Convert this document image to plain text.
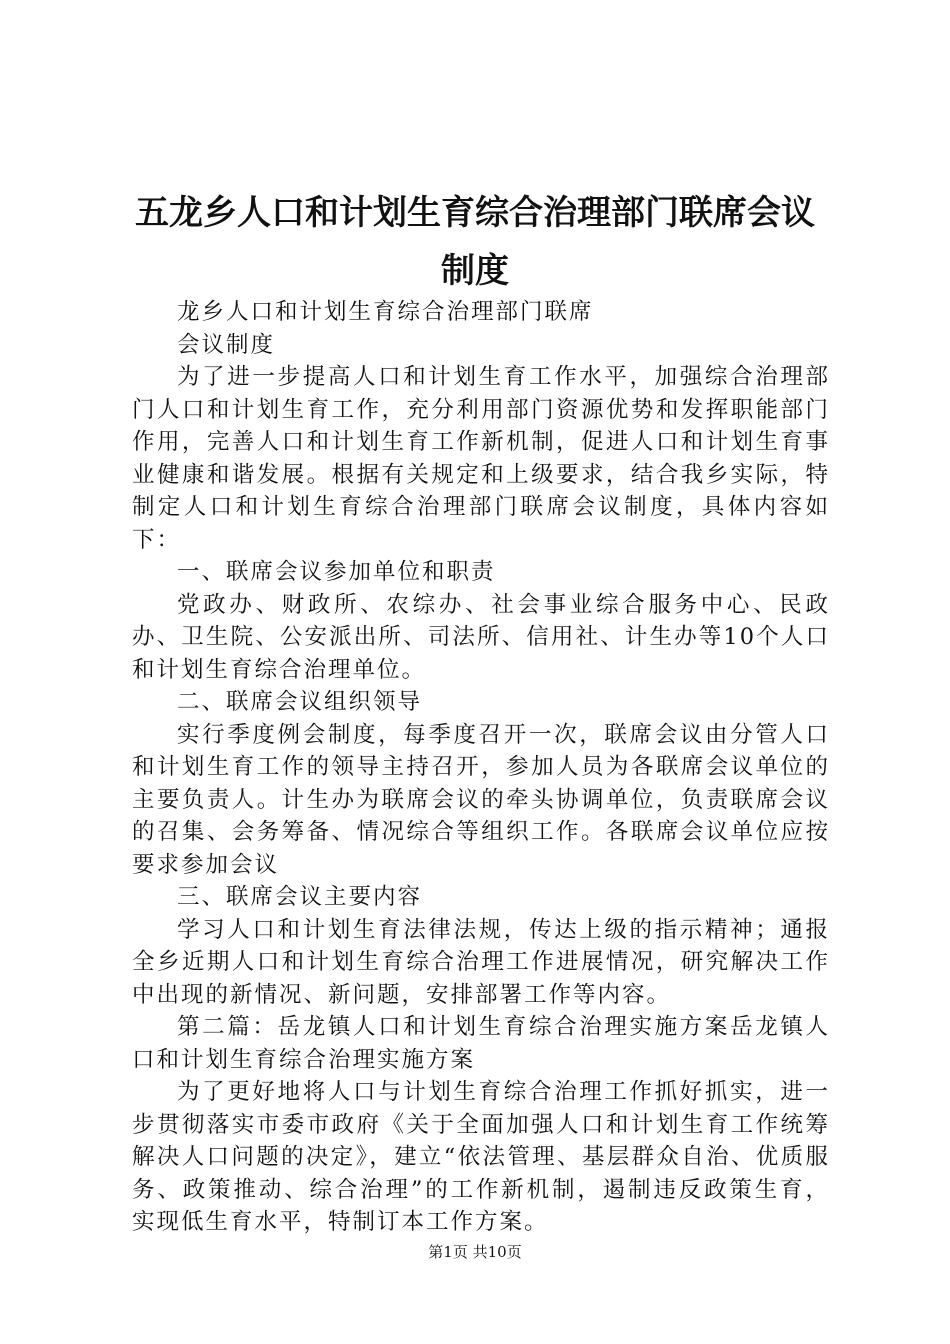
五龙乡人口和计划生育综合治理部门联席会议制度

龙乡人口和计划生育综合治理部门联席

会议制度

为了进一步提高人口和计划生育工作水平，加强综合治理部门人口和计划生育工作，充分利用部门资源优势和发挥职能部门作用，完善人口和计划生育工作新机制，促进人口和计划生育事业健康和谐发展。根据有关规定和上级要求，结合我乡实际，特制定人口和计划生育综合治理部门联席会议制度，具体内容如下：

一、联席会议参加单位和职责

党政办、财政所、农综办、社会事业综合服务中心、民政办、卫生院、公安派出所、司法所、信用社、计生办等10个人口和计划生育综合治理单位。

二、联席会议组织领导

实行季度例会制度，每季度召开一次，联席会议由分管人口和计划生育工作的领导主持召开，参加人员为各联席会议单位的主要负责人。计生办为联席会议的牵头协调单位，负责联席会议的召集、会务筹备、情况综合等组织工作。各联席会议单位应按要求参加会议

三、联席会议主要内容

学习人口和计划生育法律法规，传达上级的指示精神；通报全乡近期人口和计划生育综合治理工作进展情况，研究解决工作中出现的新情况、新问题，安排部署工作等内容。

第二篇：岳龙镇人口和计划生育综合治理实施方案岳龙镇人口和计划生育综合治理实施方案

为了更好地将人口与计划生育综合治理工作抓好抓实，进一步贯彻落实市委市政府《关于全面加强人口和计划生育工作统筹解决人口问题的决定》，建立“依法管理、基层群众自治、优质服务、政策推动、综合治理”的工作新机制，遏制违反政策生育，实现低生育水平，特制订本工作方案。

第1页 共10页
